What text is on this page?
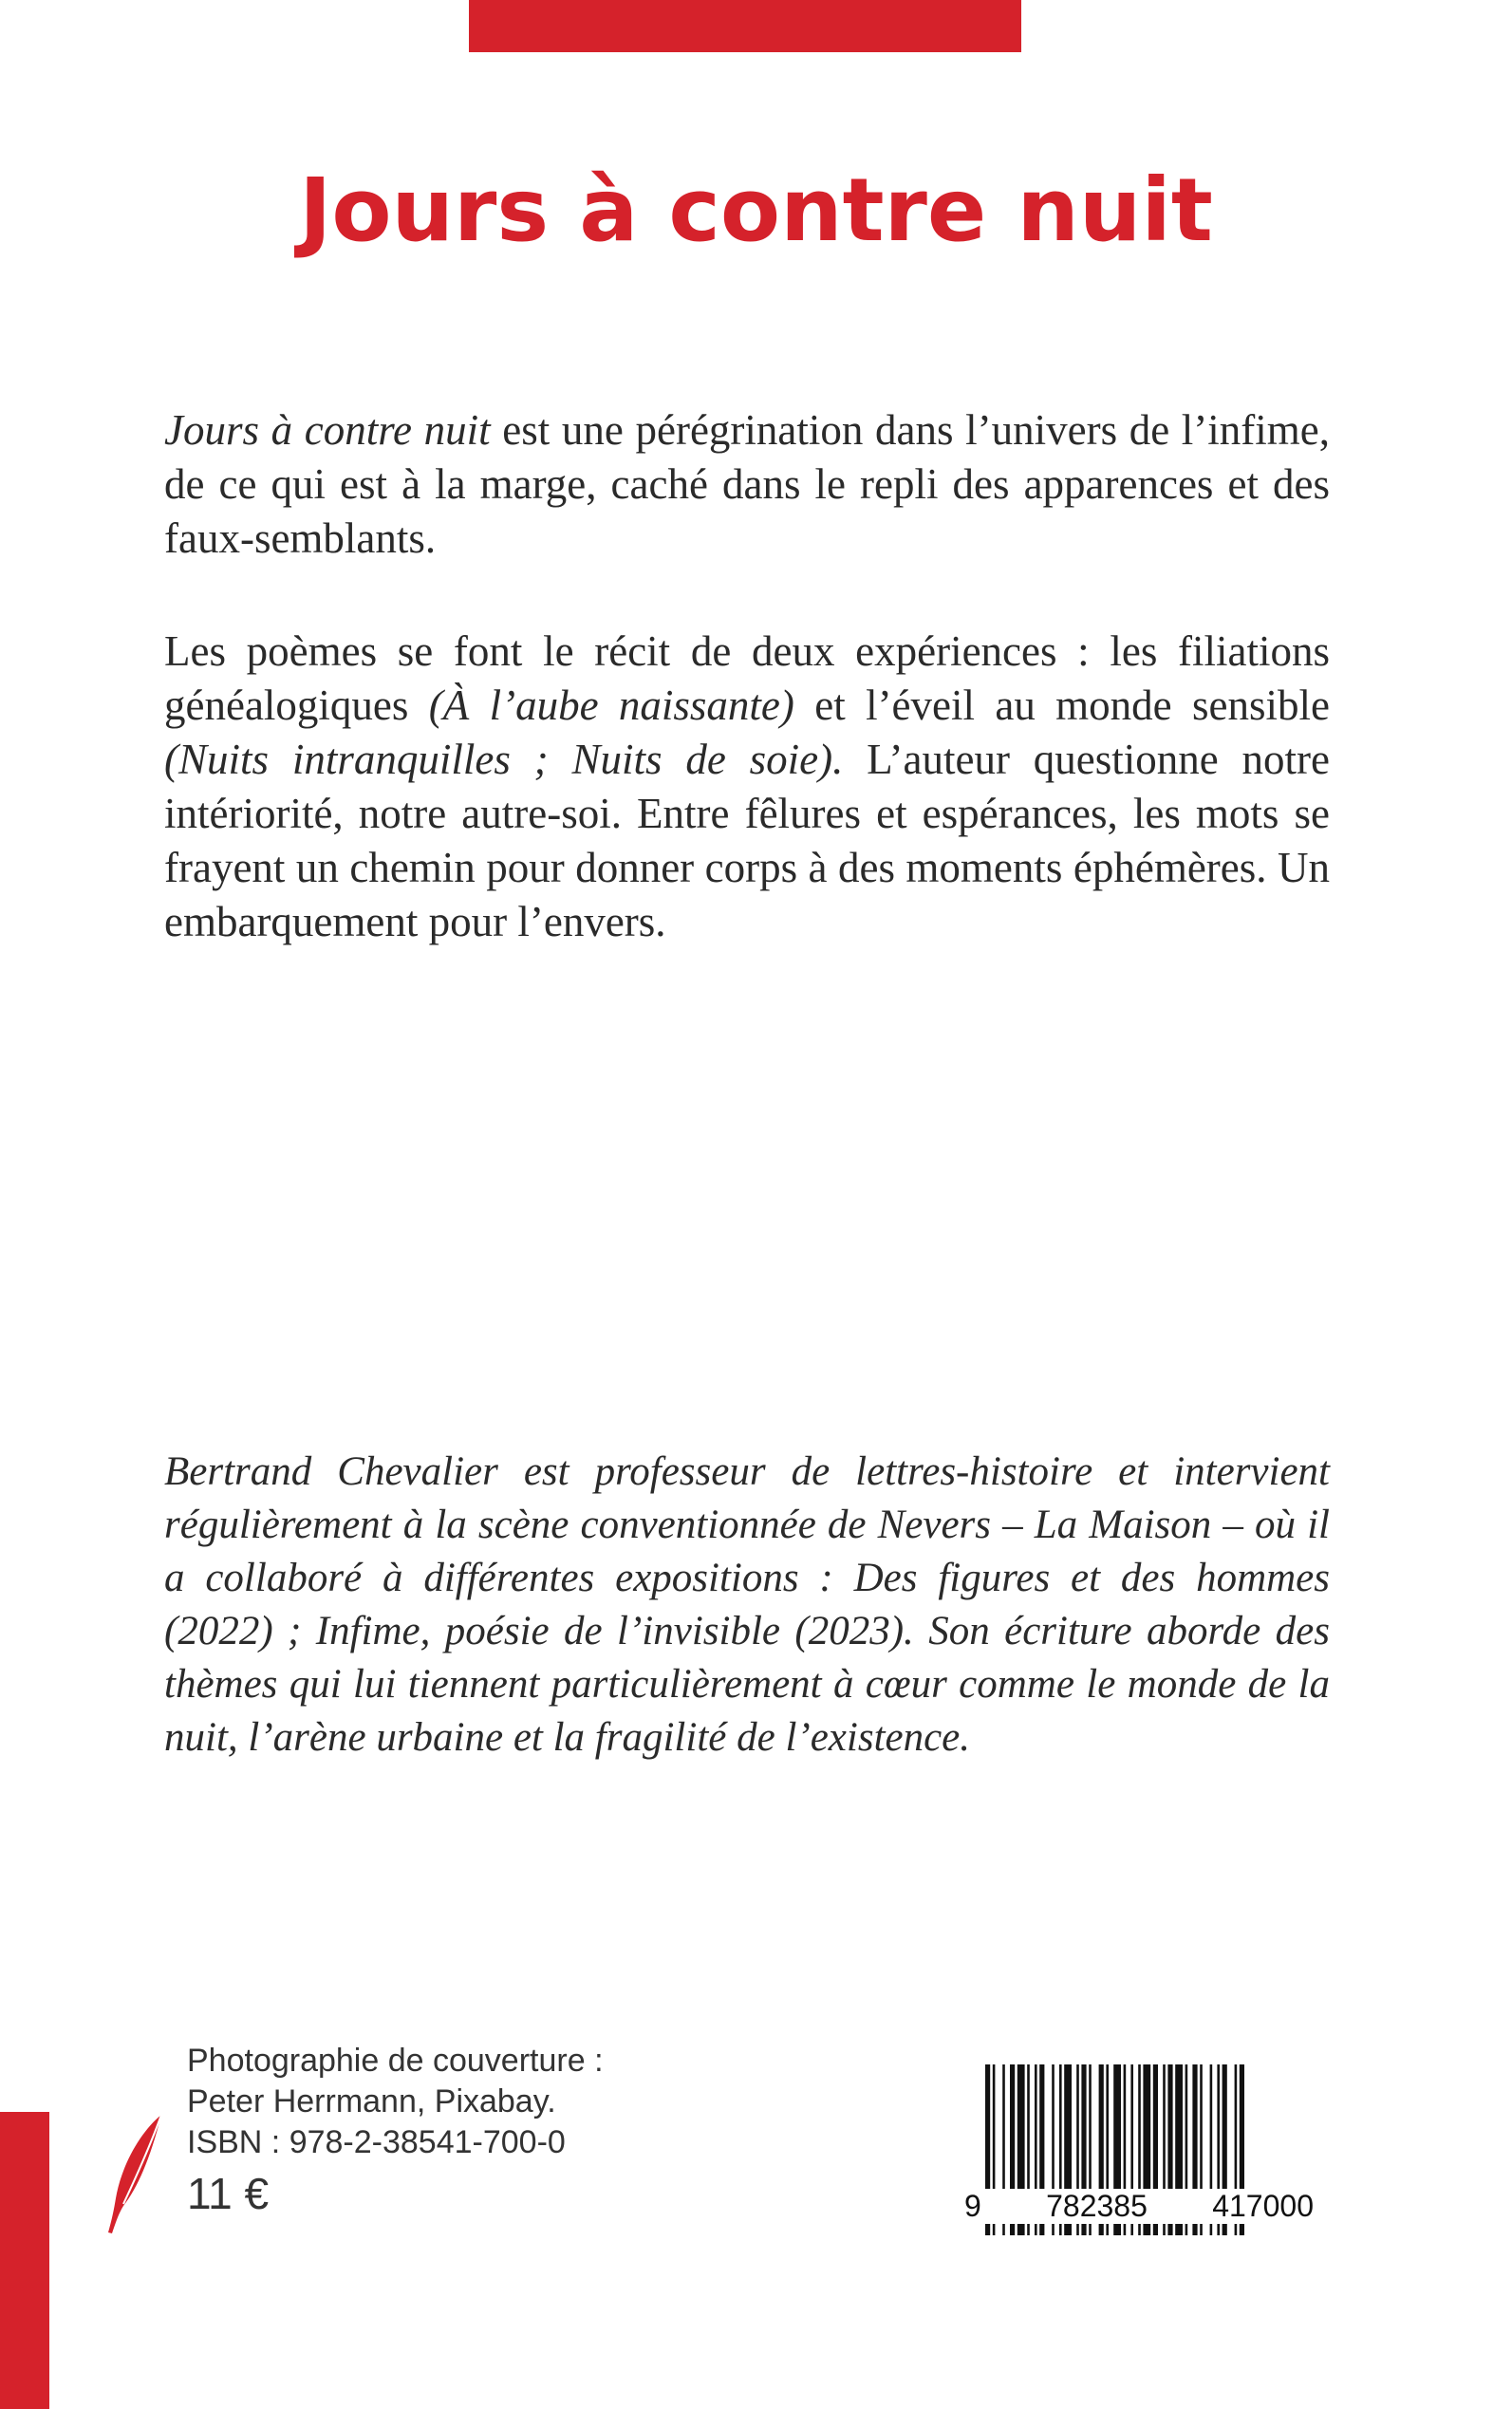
Jours à contre nuit

Jours à contre nuit est une pérégrination dans l’univers de l’infime, de ce qui est à la marge, caché dans le repli des apparences et des faux-semblants.

Les poèmes se font le récit de deux expériences : les filiations généalogiques (À l’aube naissante) et l’éveil au monde sensible (Nuits intranquilles ; Nuits de soie). L’auteur questionne notre intériorité, notre autre-soi. Entre fêlures et espérances, les mots se frayent un chemin pour donner corps à des moments éphémères. Un embarquement pour l’envers.

Bertrand Chevalier est professeur de lettres-histoire et intervient régulièrement à la scène conventionnée de Nevers – La Maison – où il a collaboré à différentes expositions : Des figures et des hommes (2022) ; Infime, poésie de l’invisible (2023). Son écriture aborde des thèmes qui lui tiennent particulièrement à cœur comme le monde de la nuit, l’arène urbaine et la fragilité de l’existence.

Photographie de couverture :
Peter Herrmann, Pixabay.
ISBN : 978-2-38541-700-0
11 €	9 782385 417000
